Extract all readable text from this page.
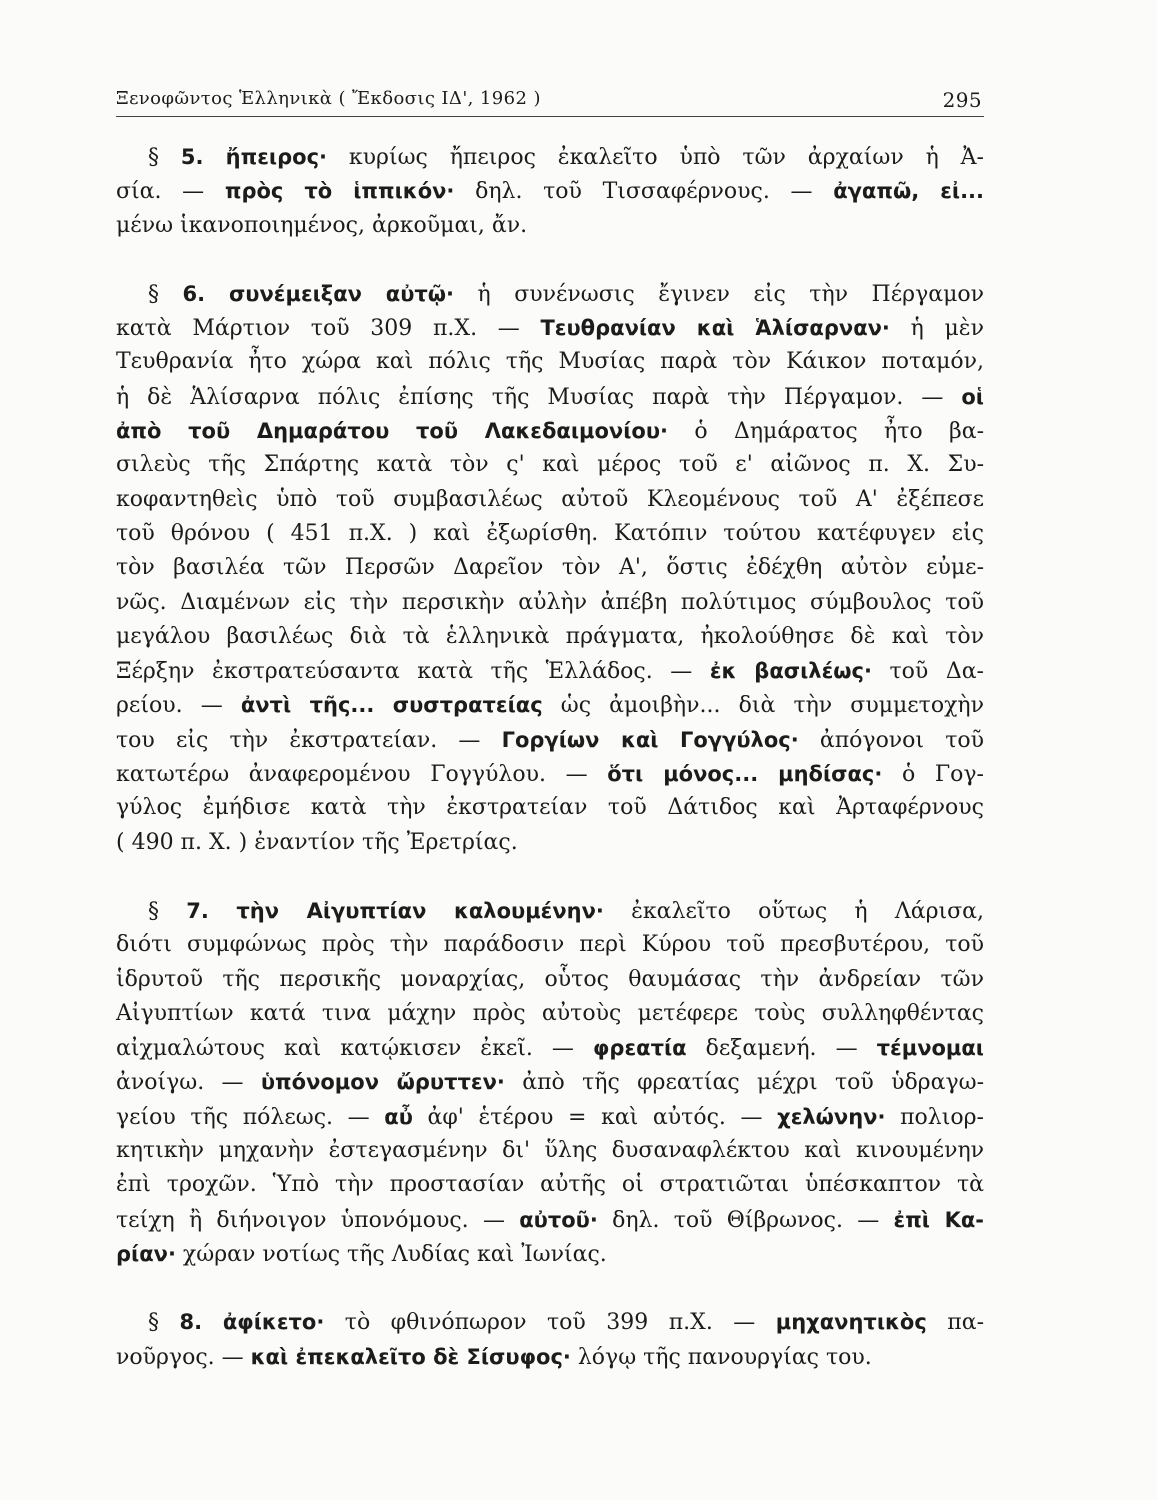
Ξενοφῶντος Ἑλληνικὰ ( Ἔκδοσις ΙΔ', 1962 )	295
§ 5. ἤπειρος· κυρίως ἤπειρος ἐκαλεῖτο ὑπὸ τῶν ἀρχαίων ἡ Ἀ-
σία. — πρὸς τὸ ἱππικόν· δηλ. τοῦ Τισσαφέρνους. — ἀγαπῶ, εἰ...
μένω ἱκανοποιημένος, ἀρκοῦμαι, ἄν.
§ 6. συνέμειξαν αὐτῷ· ἡ συνένωσις ἔγινεν εἰς τὴν Πέργαμον
κατὰ Μάρτιον τοῦ 309 π.Χ. — Τευθρανίαν καὶ Ἁλίσαρναν· ἡ μὲν
Τευθρανία ἦτο χώρα καὶ πόλις τῆς Μυσίας παρὰ τὸν Κάικον ποταμόν,
ἡ δὲ Ἁλίσαρνα πόλις ἐπίσης τῆς Μυσίας παρὰ τὴν Πέργαμον. — οἱ
ἀπὸ τοῦ Δημαράτου τοῦ Λακεδαιμονίου· ὁ Δημάρατος ἦτο βα-
σιλεὺς τῆς Σπάρτης κατὰ τὸν ς' καὶ μέρος τοῦ ε' αἰῶνος π. Χ. Συ-
κοφαντηθεὶς ὑπὸ τοῦ συμβασιλέως αὐτοῦ Κλεομένους τοῦ Α' ἐξέπεσε
τοῦ θρόνου ( 451 π.Χ. ) καὶ ἐξωρίσθη. Κατόπιν τούτου κατέφυγεν εἰς
τὸν βασιλέα τῶν Περσῶν Δαρεῖον τὸν Α', ὅστις ἐδέχθη αὐτὸν εὐμε-
νῶς. Διαμένων εἰς τὴν περσικὴν αὐλὴν ἀπέβη πολύτιμος σύμβουλος τοῦ
μεγάλου βασιλέως διὰ τὰ ἑλληνικὰ πράγματα, ἠκολούθησε δὲ καὶ τὸν
Ξέρξην ἐκστρατεύσαντα κατὰ τῆς Ἑλλάδος. — ἐκ βασιλέως· τοῦ Δα-
ρείου. — ἀντὶ τῆς... συστρατείας ὡς ἀμοιβὴν... διὰ τὴν συμμετοχὴν
του εἰς τὴν ἐκστρατείαν. — Γοργίων καὶ Γογγύλος· ἀπόγονοι τοῦ
κατωτέρω ἀναφερομένου Γογγύλου. — ὅτι μόνος... μηδίσας· ὁ Γογ-
γύλος ἐμήδισε κατὰ τὴν ἐκστρατείαν τοῦ Δάτιδος καὶ Ἀρταφέρνους
( 490 π. Χ. ) ἐναντίον τῆς Ἐρετρίας.
§ 7. τὴν Αἰγυπτίαν καλουμένην· ἐκαλεῖτο οὕτως ἡ Λάρισα,
διότι συμφώνως πρὸς τὴν παράδοσιν περὶ Κύρου τοῦ πρεσβυτέρου, τοῦ
ἱδρυτοῦ τῆς περσικῆς μοναρχίας, οὗτος θαυμάσας τὴν ἀνδρείαν τῶν
Αἰγυπτίων κατά τινα μάχην πρὸς αὐτοὺς μετέφερε τοὺς συλληφθέντας
αἰχμαλώτους καὶ κατῴκισεν ἐκεῖ. — φρεατία δεξαμενή. — τέμνομαι
ἀνοίγω. — ὑπόνομον ὤρυττεν· ἀπὸ τῆς φρεατίας μέχρι τοῦ ὑδραγω-
γείου τῆς πόλεως. — αὖ ἀφ' ἑτέρου = καὶ αὐτός. — χελώνην· πολιορ-
κητικὴν μηχανὴν ἐστεγασμένην δι' ὕλης δυσαναφλέκτου καὶ κινουμένην
ἐπὶ τροχῶν. Ὑπὸ τὴν προστασίαν αὐτῆς οἱ στρατιῶται ὑπέσκαπτον τὰ
τείχη ἢ διήνοιγον ὑπονόμους. — αὐτοῦ· δηλ. τοῦ Θίβρωνος. — ἐπὶ Κα-
ρίαν· χώραν νοτίως τῆς Λυδίας καὶ Ἰωνίας.
§ 8. ἀφίκετο· τὸ φθινόπωρον τοῦ 399 π.Χ. — μηχανητικὸς πα-
νοῦργος. — καὶ ἐπεκαλεῖτο δὲ Σίσυφος· λόγῳ τῆς πανουργίας του.
